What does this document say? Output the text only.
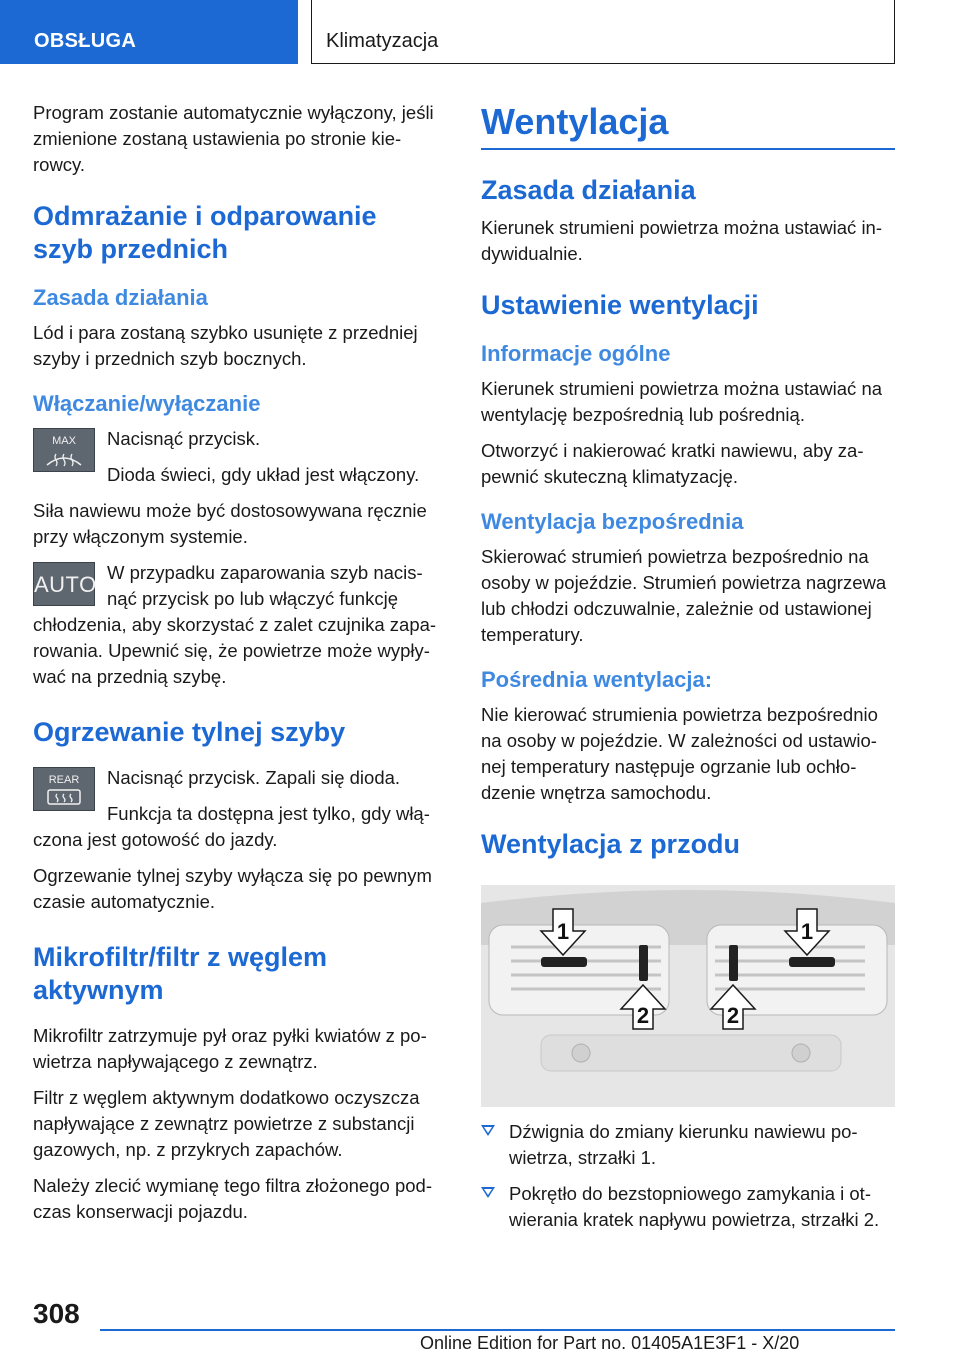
OBSŁUGA	Klimatyzacja

Program zostanie automatycznie wyłączony, jeśli zmienione zostaną ustawienia po stronie kierowcy.

Odmrażanie i odparowanie szyb przednich
Zasada działania

Lód i para zostaną szybko usunięte z przedniej szyby i przednich szyb bocznych.

Włączanie/wyłączanie
MAX	Nacisnąć przycisk.

Dioda świeci, gdy układ jest włączony.

Siła nawiewu może być dostosowywana ręcznie przy włączonym systemie.

AUTO W przypadku zaparowania szyb nacisnąć przycisk po lub włączyć funkcję chłodzenia, aby skorzystać z zalet czujnika zaparowania. Upewnić się, że powietrze może wypływać na przednią szybę.

Ogrzewanie tylnej szyby
REAR	Nacisnąć przycisk. Zapali się dioda.

Funkcja ta dostępna jest tylko, gdy włączona jest gotowość do jazdy.

Ogrzewanie tylnej szyby wyłącza się po pewnym czasie automatycznie.

Mikrofiltr/filtr z węglem aktywnym

Mikrofiltr zatrzymuje pył oraz pyłki kwiatów z powietrza napływającego z zewnątrz.

Filtr z węglem aktywnym dodatkowo oczyszcza napływające z zewnątrz powietrze z substancji gazowych, np. z przykrych zapachów.

Należy zlecić wymianę tego filtra złożonego podczas konserwacji pojazdu.

Wentylacja
Zasada działania

Kierunek strumieni powietrza można ustawiać indywidualnie.

Ustawienie wentylacji
Informacje ogólne

Kierunek strumieni powietrza można ustawiać na wentylację bezpośrednią lub pośrednią.

Otworzyć i nakierować kratki nawiewu, aby zapewnić skuteczną klimatyzację.

Wentylacja bezpośrednia

Skierować strumień powietrza bezpośrednio na osoby w pojeździe. Strumień powietrza nagrzewa lub chłodzi odczuwalnie, zależnie od ustawionej temperatury.

Pośrednia wentylacja:

Nie kierować strumienia powietrza bezpośrednio na osoby w pojeździe. W zależności od ustawionej temperatury następuje ogrzanie lub ochłodzenie wnętrza samochodu.

Wentylacja z przodu
1	1
2	2
Dźwignia do zmiany kierunku nawiewu powietrza, strzałki 1.
Pokrętło do bezstopniowego zamykania i otwierania kratek napływu powietrza, strzałki 2.
308
Online Edition for Part no. 01405A1E3F1 - X/20
